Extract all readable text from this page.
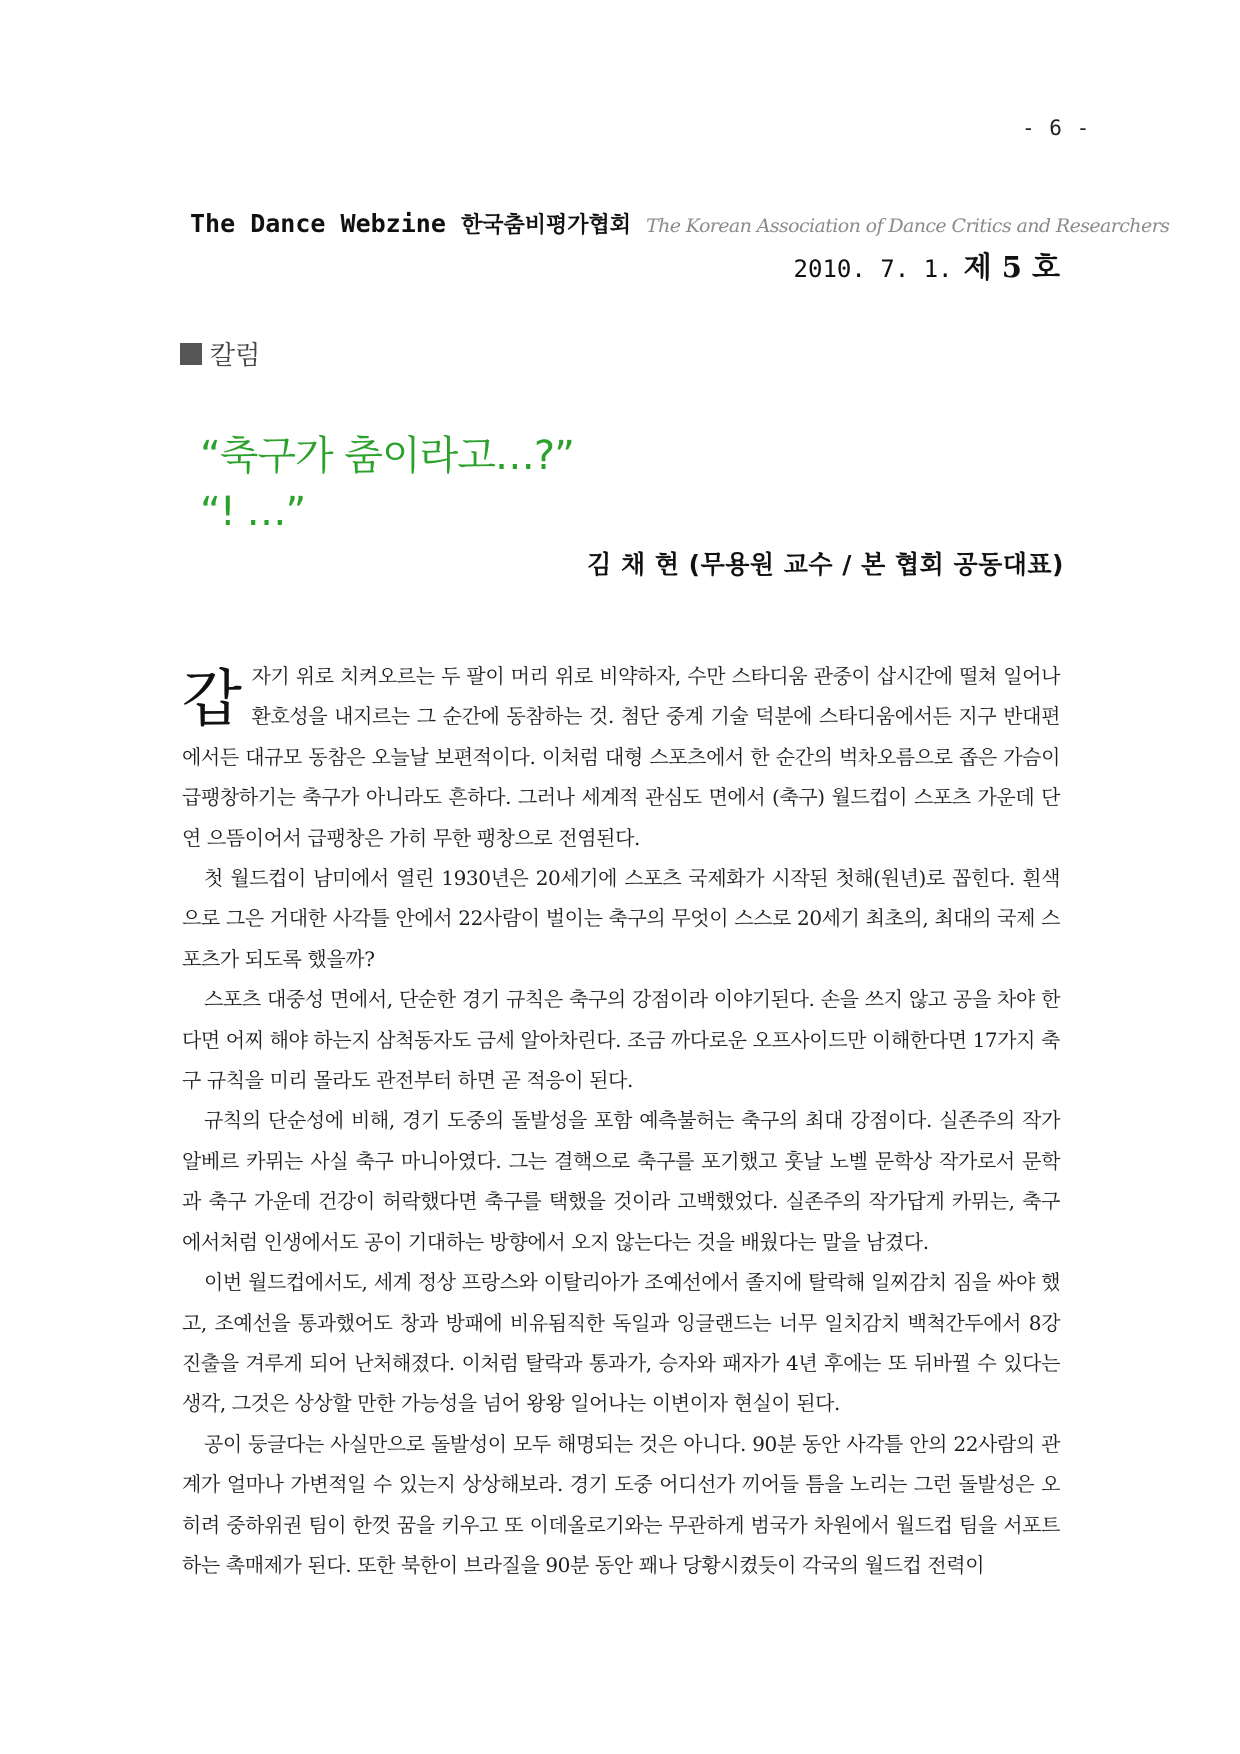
- 6 -
The Dance Webzine 한국춤비평가협회 The Korean Association of Dance Critics and Researchers
2010. 7. 1. 제 5 호
칼럼
“축구가 춤이라고…?”
“! …”
김 채 현 (무용원 교수 / 본 협회 공동대표)

갑자기 위로 치켜오르는 두 팔이 머리 위로 비약하자, 수만 스타디움 관중이 삽시간에 떨쳐 일어나 환호성을 내지르는 그 순간에 동참하는 것. 첨단 중계 기술 덕분에 스타디움에서든 지구 반대편에서든 대규모 동참은 오늘날 보편적이다. 이처럼 대형 스포츠에서 한 순간의 벅차오름으로 좁은 가슴이 급팽창하기는 축구가 아니라도 흔하다. 그러나 세계적 관심도 면에서 (축구) 월드컵이 스포츠 가운데 단연 으뜸이어서 급팽창은 가히 무한 팽창으로 전염된다.

첫 월드컵이 남미에서 열린 1930년은 20세기에 스포츠 국제화가 시작된 첫해(원년)로 꼽힌다. 흰색으로 그은 거대한 사각틀 안에서 22사람이 벌이는 축구의 무엇이 스스로 20세기 최초의, 최대의 국제 스포츠가 되도록 했을까?

스포츠 대중성 면에서, 단순한 경기 규칙은 축구의 강점이라 이야기된다. 손을 쓰지 않고 공을 차야 한다면 어찌 해야 하는지 삼척동자도 금세 알아차린다. 조금 까다로운 오프사이드만 이해한다면 17가지 축구 규칙을 미리 몰라도 관전부터 하면 곧 적응이 된다.

규칙의 단순성에 비해, 경기 도중의 돌발성을 포함 예측불허는 축구의 최대 강점이다. 실존주의 작가 알베르 카뮈는 사실 축구 마니아였다. 그는 결핵으로 축구를 포기했고 훗날 노벨 문학상 작가로서 문학과 축구 가운데 건강이 허락했다면 축구를 택했을 것이라 고백했었다. 실존주의 작가답게 카뮈는, 축구에서처럼 인생에서도 공이 기대하는 방향에서 오지 않는다는 것을 배웠다는 말을 남겼다.

이번 월드컵에서도, 세계 정상 프랑스와 이탈리아가 조예선에서 졸지에 탈락해 일찌감치 짐을 싸야 했고, 조예선을 통과했어도 창과 방패에 비유됨직한 독일과 잉글랜드는 너무 일치감치 백척간두에서 8강 진출을 겨루게 되어 난처해졌다. 이처럼 탈락과 통과가, 승자와 패자가 4년 후에는 또 뒤바뀔 수 있다는 생각, 그것은 상상할 만한 가능성을 넘어 왕왕 일어나는 이변이자 현실이 된다.

공이 둥글다는 사실만으로 돌발성이 모두 해명되는 것은 아니다. 90분 동안 사각틀 안의 22사람의 관계가 얼마나 가변적일 수 있는지 상상해보라. 경기 도중 어디선가 끼어들 틈을 노리는 그런 돌발성은 오히려 중하위권 팀이 한껏 꿈을 키우고 또 이데올로기와는 무관하게 범국가 차원에서 월드컵 팀을 서포트하는 촉매제가 된다. 또한 북한이 브라질을 90분 동안 꽤나 당황시켰듯이 각국의 월드컵 전력이
